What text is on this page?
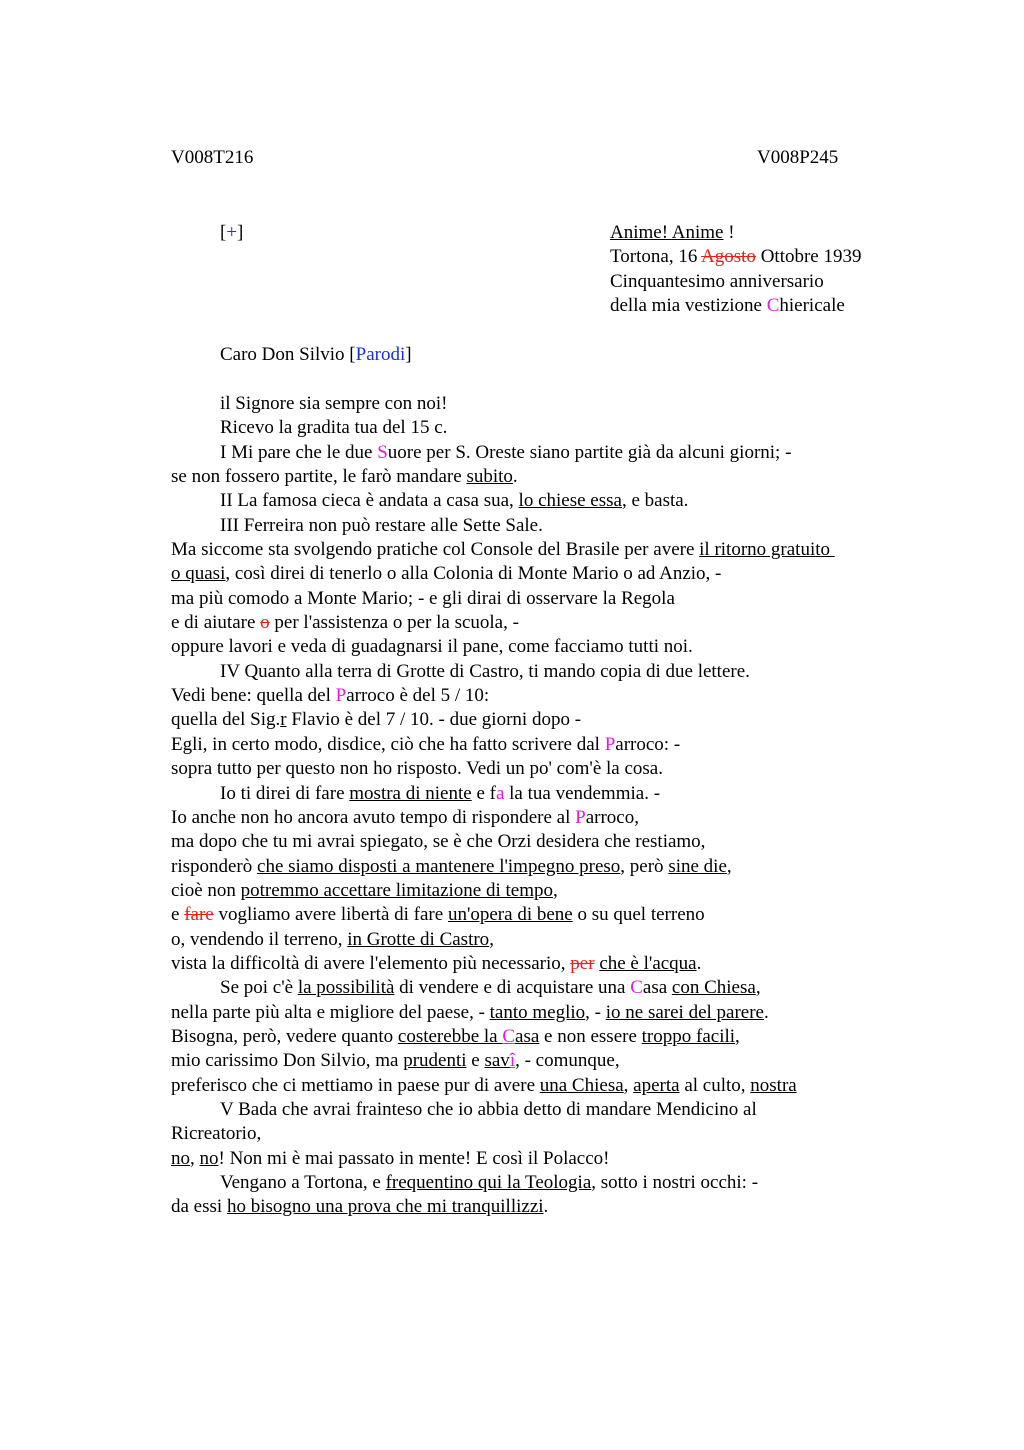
V008T216	V008P245
[+]	Anime! Anime !
Tortona, 16 Agosto Ottobre 1939
Cinquantesimo anniversario
della mia vestizione Chiericale
Caro Don Silvio [Parodi]
il Signore sia sempre con noi!
Ricevo la gradita tua del 15 c.
I Mi pare che le due Suore per S. Oreste siano partite già da alcuni giorni; -
se non fossero partite, le farò mandare subito.
II La famosa cieca è andata a casa sua, lo chiese essa, e basta.
III Ferreira non può restare alle Sette Sale.
Ma siccome sta svolgendo pratiche col Console del Brasile per avere il ritorno gratuito
o quasi, così direi di tenerlo o alla Colonia di Monte Mario o ad Anzio, -
ma più comodo a Monte Mario; - e gli dirai di osservare la Regola
e di aiutare o per l'assistenza o per la scuola, -
oppure lavori e veda di guadagnarsi il pane, come facciamo tutti noi.
IV Quanto alla terra di Grotte di Castro, ti mando copia di due lettere.
Vedi bene: quella del Parroco è del 5 / 10:
quella del Sig.r Flavio è del 7 / 10. - due giorni dopo -
Egli, in certo modo, disdice, ciò che ha fatto scrivere dal Parroco: -
sopra tutto per questo non ho risposto. Vedi un po' com'è la cosa.
Io ti direi di fare mostra di niente e fa la tua vendemmia. -
Io anche non ho ancora avuto tempo di rispondere al Parroco,
ma dopo che tu mi avrai spiegato, se è che Orzi desidera che restiamo,
risponderò che siamo disposti a mantenere l'impegno preso, però sine die,
cioè non potremmo accettare limitazione di tempo,
e fare vogliamo avere libertà di fare un'opera di bene o su quel terreno
o, vendendo il terreno, in Grotte di Castro,
vista la difficoltà di avere l'elemento più necessario, per che è l'acqua.
Se poi c'è la possibilità di vendere e di acquistare una Casa con Chiesa,
nella parte più alta e migliore del paese, - tanto meglio, - io ne sarei del parere.
Bisogna, però, vedere quanto costerebbe la Casa e non essere troppo facili,
mio carissimo Don Silvio, ma prudenti e savî, - comunque,
preferisco che ci mettiamo in paese pur di avere una Chiesa, aperta al culto, nostra
V Bada che avrai frainteso che io abbia detto di mandare Mendicino al
Ricreatorio,
no, no! Non mi è mai passato in mente! E così il Polacco!
Vengano a Tortona, e frequentino qui la Teologia, sotto i nostri occhi: -
da essi ho bisogno una prova che mi tranquillizzi.
